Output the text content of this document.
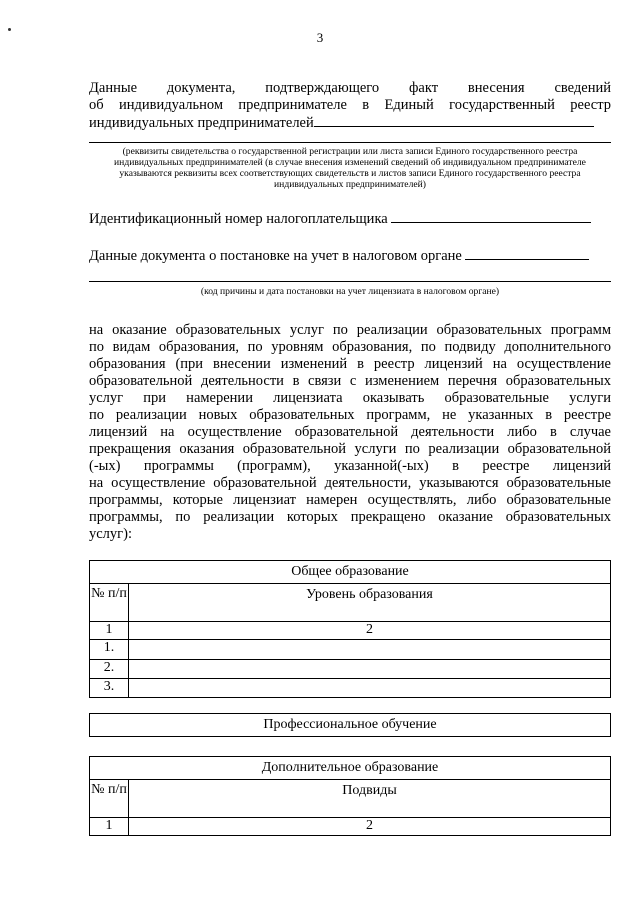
3
Данные документа, подтверждающего факт внесения сведений
об индивидуальном предпринимателе в Единый государственный реестр
индивидуальных предпринимателей
(реквизиты свидетельства о государственной регистрации или листа записи Единого государственного реестра индивидуальных предпринимателей (в случае внесения изменений сведений об индивидуальном предпринимателе указываются реквизиты всех соответствующих свидетельств и листов записи Единого государственного реестра индивидуальных предпринимателей)
Идентификационный номер налогоплательщика
Данные документа о постановке на учет в налоговом органе
(код причины и дата постановки на учет лицензиата в налоговом органе)
на оказание образовательных услуг по реализации образовательных программ
по видам образования, по уровням образования, по подвиду дополнительного
образования (при внесении изменений в реестр лицензий на осуществление
образовательной деятельности в связи с изменением перечня образовательных
услуг при намерении лицензиата оказывать образовательные услуги
по реализации новых образовательных программ, не указанных в реестре
лицензий на осуществление образовательной деятельности либо в случае
прекращения оказания образовательной услуги по реализации образовательной
(-ых) программы (программ), указанной(-ых) в реестре лицензий
на осуществление образовательной деятельности, указываются образовательные
программы, которые лицензиат намерен осуществлять, либо образовательные
программы, по реализации которых прекращено оказание образовательных
услуг):
Общее образование	
№ п/п	Уровень образования
1	2
1.	
2.	
3.	
Профессиональное обучение
Дополнительное образование	
№ п/п	Подвиды
1	2
